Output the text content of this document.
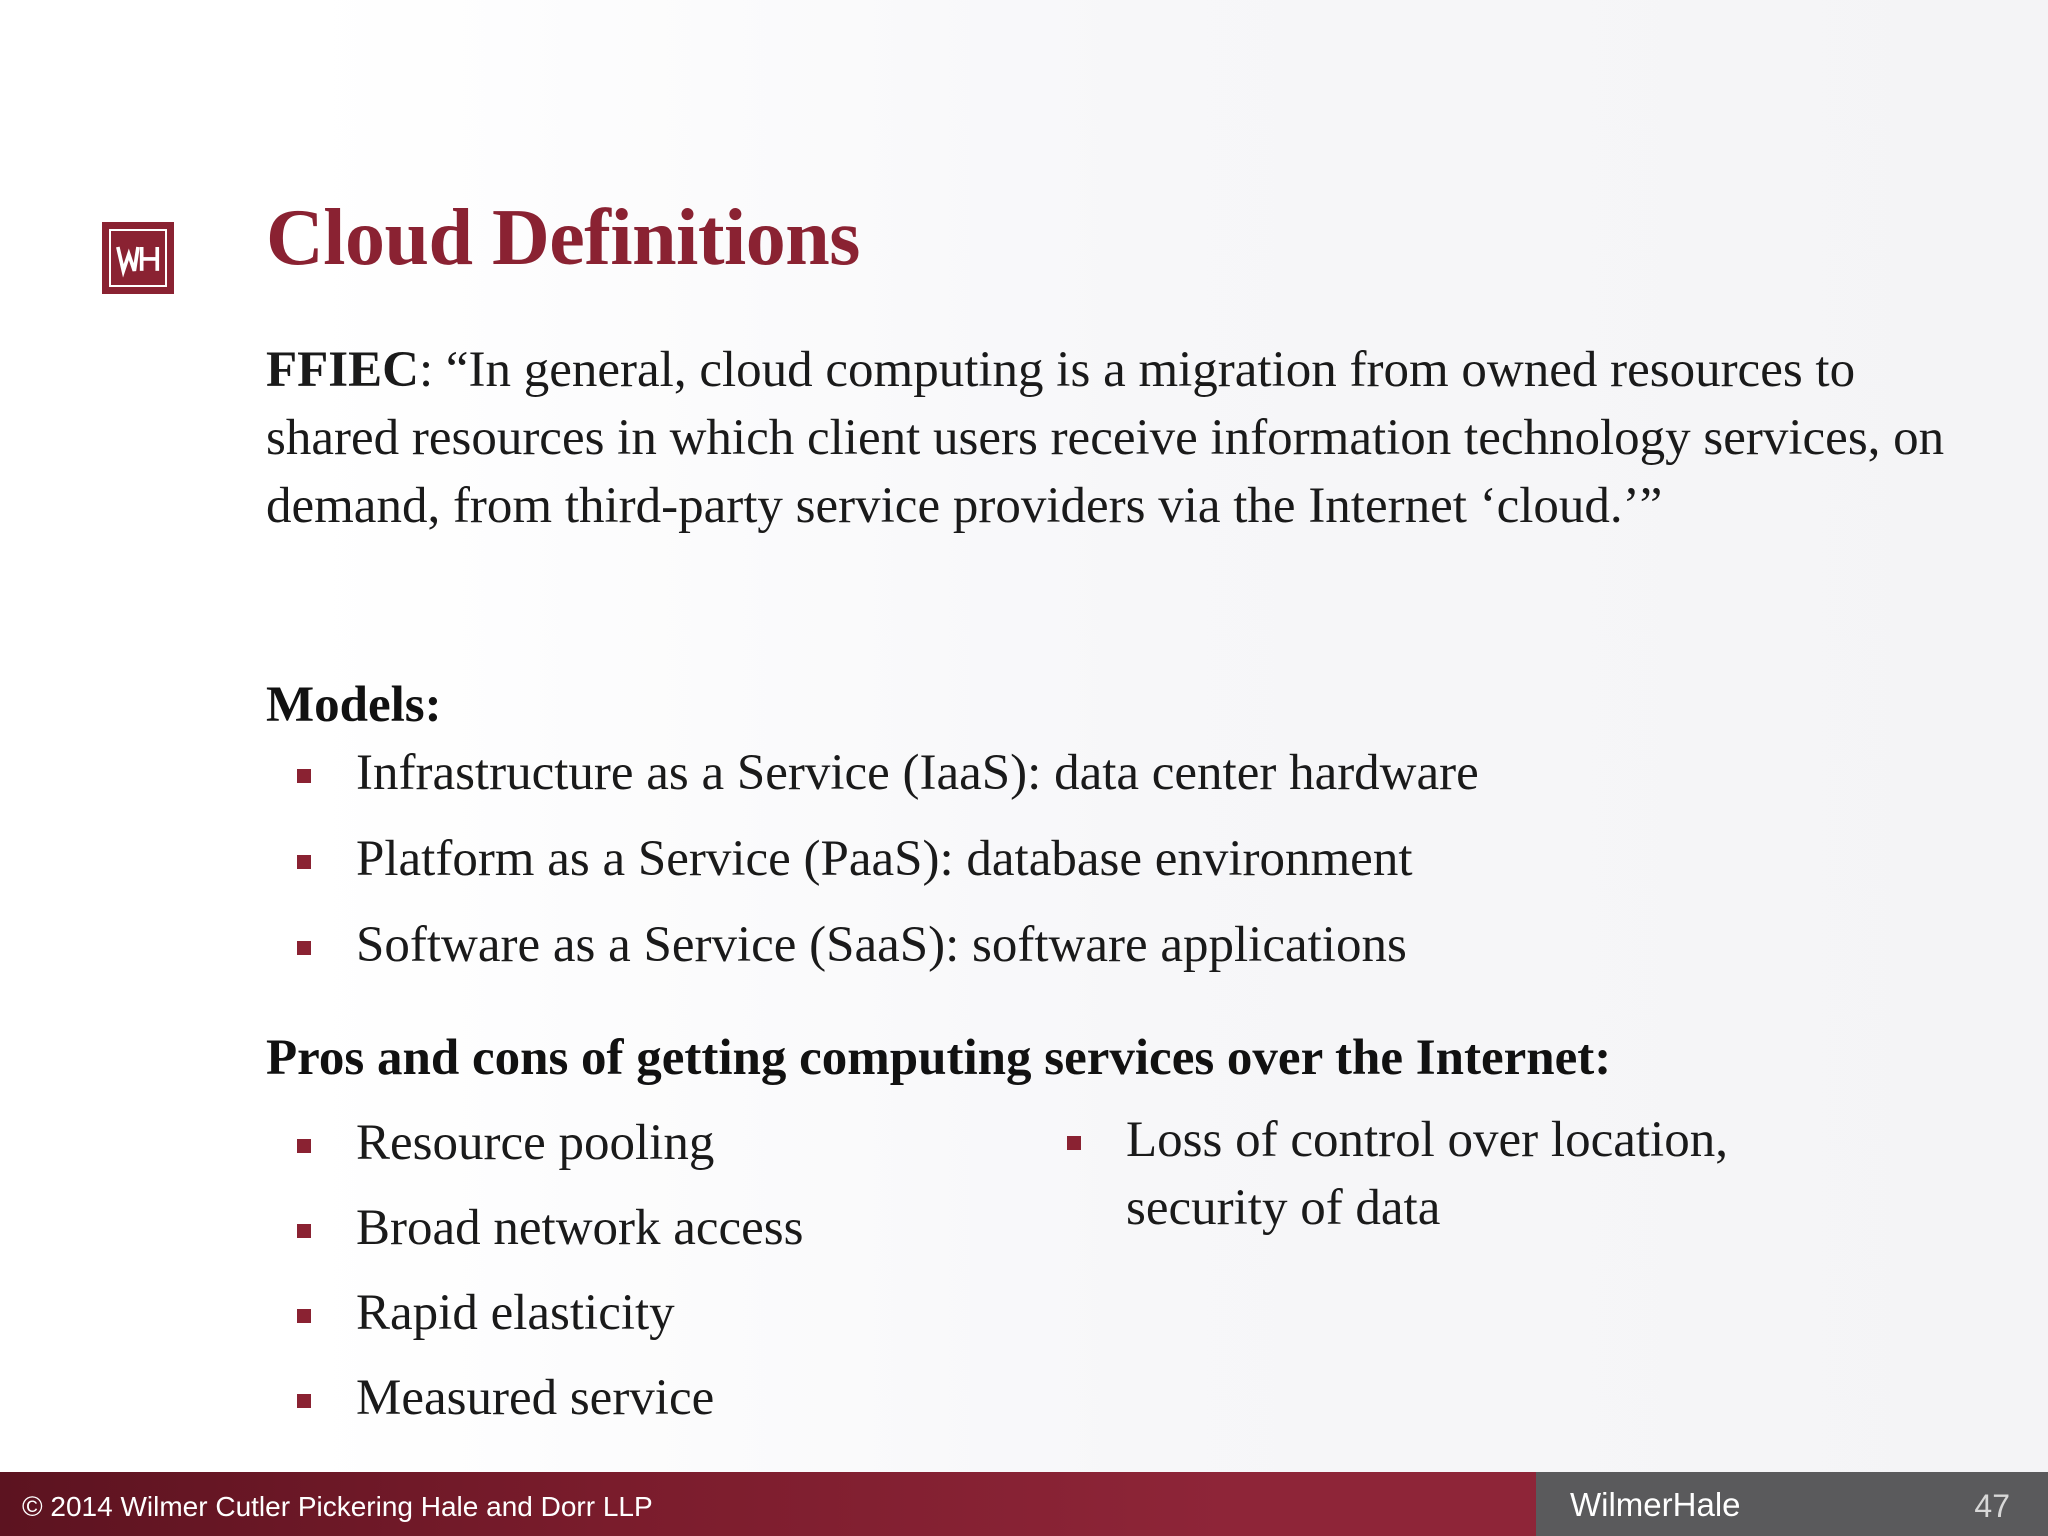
Cloud Definitions
FFIEC: “In general, cloud computing is a migration from owned resources to shared resources in which client users receive information technology services, on demand, from third-party service providers via the Internet ‘cloud.’”
Models:
Infrastructure as a Service (IaaS): data center hardware
Platform as a Service (PaaS): database environment
Software as a Service (SaaS): software applications
Pros and cons of getting computing services over the Internet:
Resource pooling
Broad network access
Rapid elasticity
Measured service
Loss of control over location,
security of data
© 2014 Wilmer Cutler Pickering Hale and Dorr LLP	WilmerHale	47
